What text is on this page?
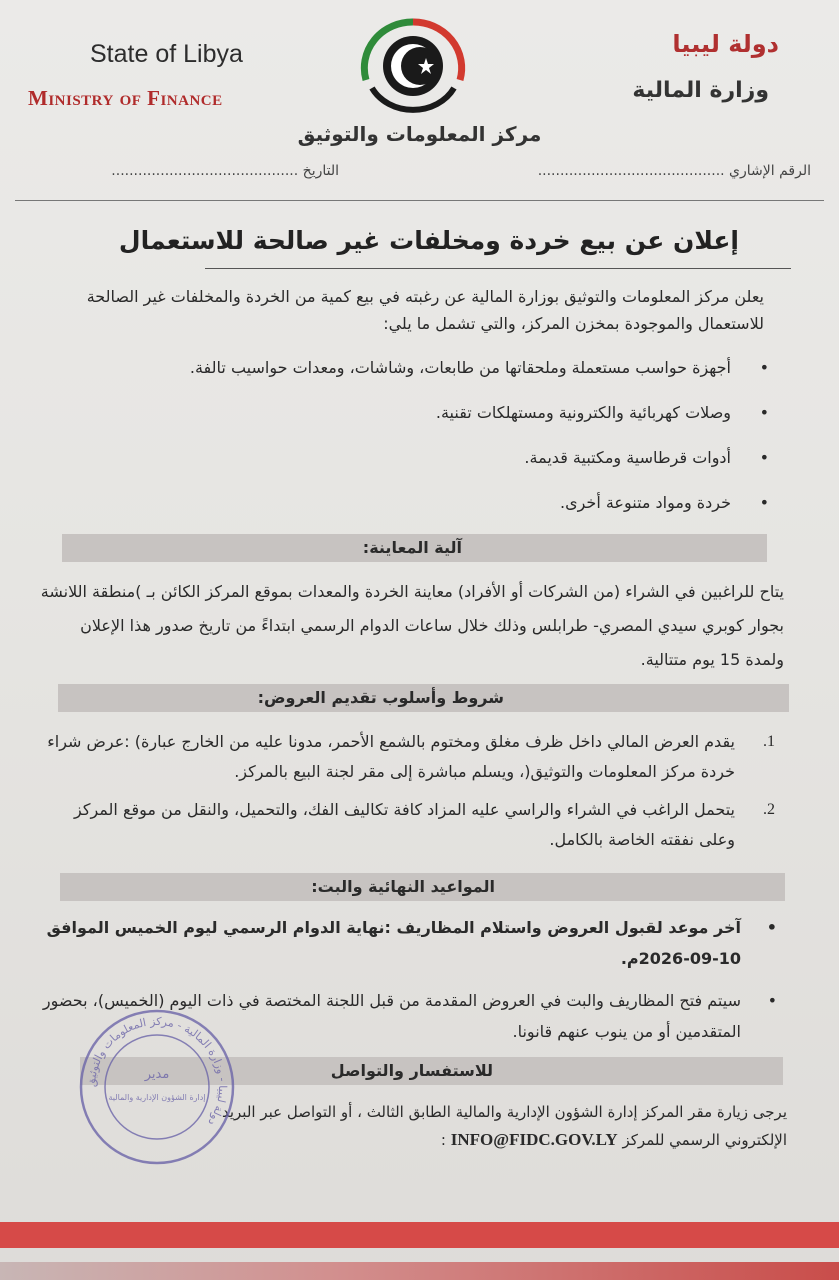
State of Libya
Ministry of Finance
دولة ليبيا
وزارة المالية
مركز المعلومات والتوثيق
الرقم الإشاري ..........................................
التاريخ ..........................................
إعلان عن بيع خردة ومخلفات غير صالحة للاستعمال
يعلن مركز المعلومات والتوثيق بوزارة المالية عن رغبته في بيع كمية من الخردة والمخلفات غير الصالحة للاستعمال والموجودة بمخزن المركز، والتي تشمل ما يلي:
• أجهزة حواسب مستعملة وملحقاتها من طابعات، وشاشات، ومعدات حواسيب تالفة.
• وصلات كهربائية والكترونية ومستهلكات تقنية.
• أدوات قرطاسية ومكتبية قديمة.
• خردة ومواد متنوعة أخرى.
آلية المعاينة:
يتاح للراغبين في الشراء (من الشركات أو الأفراد) معاينة الخردة والمعدات بموقع المركز الكائن بـ )منطقة اللانشة بجوار كوبري سيدي المصري- طرابلس وذلك خلال ساعات الدوام الرسمي ابتداءً من تاريخ صدور هذا الإعلان ولمدة 15 يوم متتالية.
شروط وأسلوب تقديم العروض:
1.
يقدم العرض المالي داخل ظرف مغلق ومختوم بالشمع الأحمر، مدونا عليه من الخارج عبارة) :عرض شراء خردة مركز المعلومات والتوثيق(، ويسلم مباشرة إلى مقر لجنة البيع بالمركز.
2.
يتحمل الراغب في الشراء والراسي عليه المزاد كافة تكاليف الفك، والتحميل، والنقل من موقع المركز وعلى نفقته الخاصة بالكامل.
المواعيد النهائية والبت:
• آخر موعد لقبول العروض واستلام المظاريف :نهاية الدوام الرسمي ليوم الخميس الموافق 10-09-2026م.
• سيتم فتح المظاريف والبت في العروض المقدمة من قبل اللجنة المختصة في ذات اليوم (الخميس)، بحضور المتقدمين أو من ينوب عنهم قانونا.
للاستفسار والتواصل
يرجى زيارة مقر المركز إدارة الشؤون الإدارية والمالية الطابق الثالث ، أو التواصل عبر البريد
الإلكتروني الرسمي للمركز INFO@FIDC.GOV.LY :
دولة ليبيا - وزارة المالية - مركز المعلومات والتوثيق
مدير
إدارة الشؤون الإدارية والمالية
